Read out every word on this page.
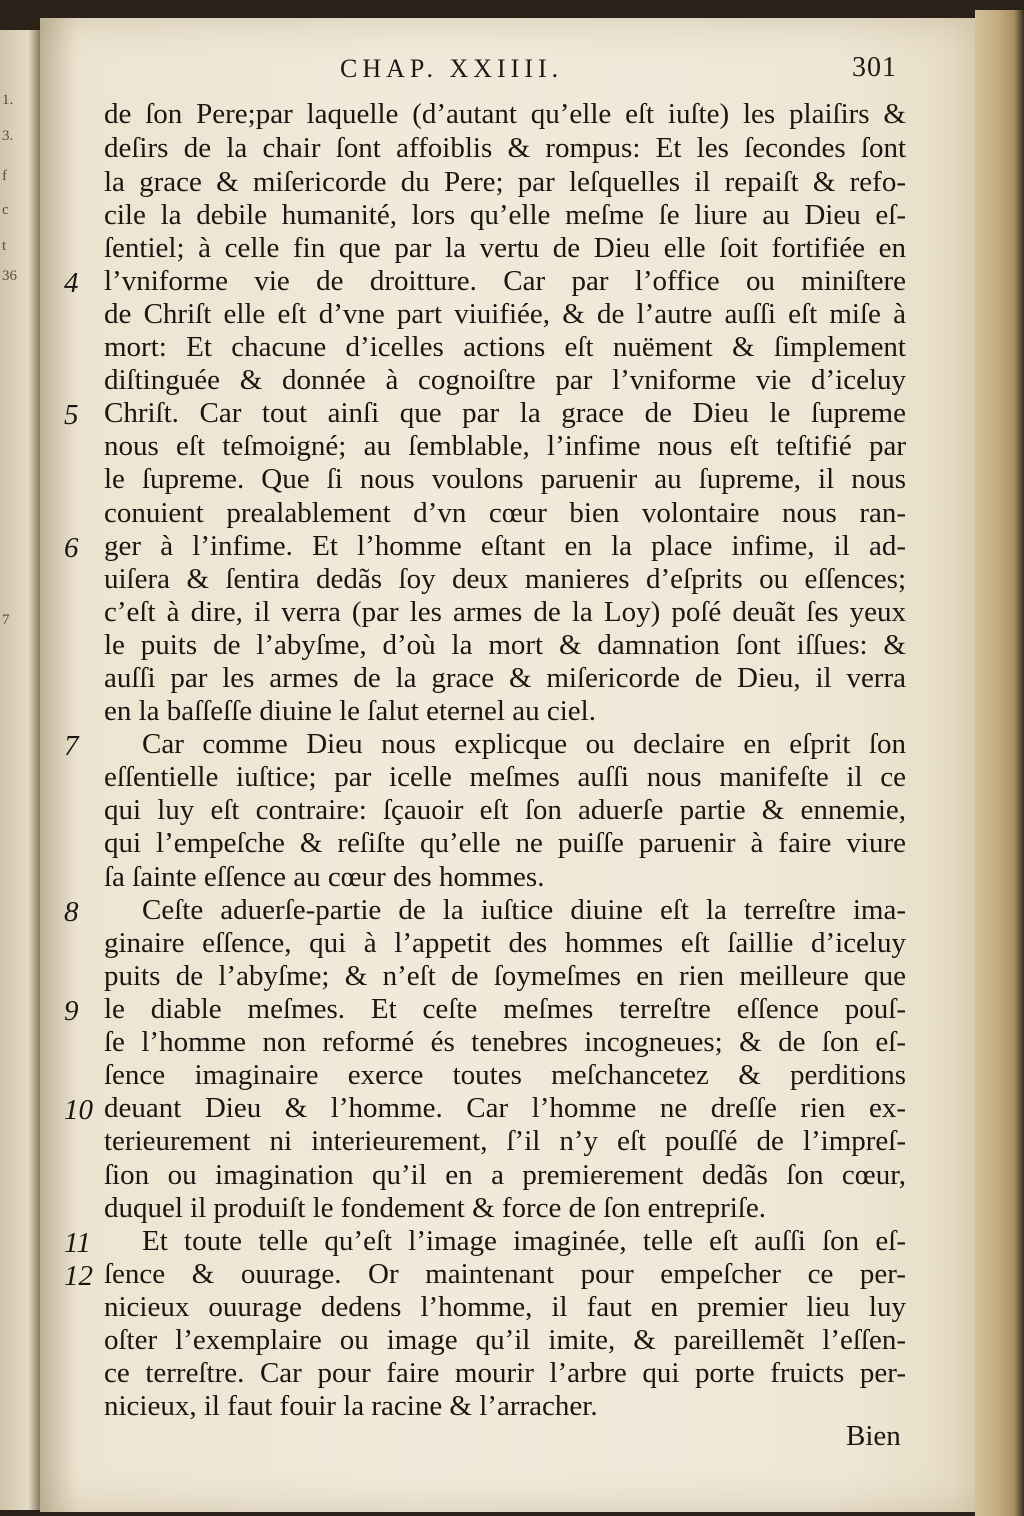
1.
3.
f
c
t
36
7
CHAP. XXIIII.	301

de ſon Pere;par laquelle (d’autant qu’elle eſt iuſte) les plaiſirs &

deſirs de la chair ſont affoiblis & rompus: Et les ſecondes ſont

la grace & miſericorde du Pere; par leſquelles il repaiſt & refo-

cile la debile humanité, lors qu’elle meſme ſe liure au Dieu eſ-

ſentiel; à celle fin que par la vertu de Dieu elle ſoit fortifiée en

l’vniforme vie de droitture. Car par l’office ou miniſtere

de Chriſt elle eſt d’vne part viuifiée, & de l’autre auſſi eſt miſe à

mort: Et chacune d’icelles actions eſt nuëment & ſimplement

diſtinguée & donnée à cognoiſtre par l’vniforme vie d’iceluy

Chriſt. Car tout ainſi que par la grace de Dieu le ſupreme

nous eſt teſmoigné; au ſemblable, l’infime nous eſt teſtifié par

le ſupreme. Que ſi nous voulons paruenir au ſupreme, il nous

conuient prealablement d’vn cœur bien volontaire nous ran-

ger à l’infime. Et l’homme eſtant en la place infime, il ad-

uiſera & ſentira dedãs ſoy deux manieres d’eſprits ou eſſences;

c’eſt à dire, il verra (par les armes de la Loy) poſé deuãt ſes yeux

le puits de l’abyſme, d’où la mort & damnation ſont iſſues: &

auſſi par les armes de la grace & miſericorde de Dieu, il verra

en la baſſeſſe diuine le ſalut eternel au ciel.

Car comme Dieu nous explicque ou declaire en eſprit ſon

eſſentielle iuſtice; par icelle meſmes auſſi nous manifeſte il ce

qui luy eſt contraire: ſçauoir eſt ſon aduerſe partie & ennemie,

qui l’empeſche & reſiſte qu’elle ne puiſſe paruenir à faire viure

ſa ſainte eſſence au cœur des hommes.

Ceſte aduerſe-partie de la iuſtice diuine eſt la terreſtre ima-

ginaire eſſence, qui à l’appetit des hommes eſt ſaillie d’iceluy

puits de l’abyſme; & n’eſt de ſoymeſmes en rien meilleure que

le diable meſmes. Et ceſte meſmes terreſtre eſſence pouſ-

ſe l’homme non reformé és tenebres incogneues; & de ſon eſ-

ſence imaginaire exerce toutes meſchancetez & perditions

deuant Dieu & l’homme. Car l’homme ne dreſſe rien ex-

terieurement ni interieurement, ſ’il n’y eſt pouſſé de l’impreſ-

ſion ou imagination qu’il en a premierement dedãs ſon cœur,

duquel il produiſt le fondement & force de ſon entrepriſe.

Et toute telle qu’eſt l’image imaginée, telle eſt auſſi ſon eſ-

ſence & ouurage. Or maintenant pour empeſcher ce per-

nicieux ouurage dedens l’homme, il faut en premier lieu luy

oſter l’exemplaire ou image qu’il imite, & pareillemẽt l’eſſen-

ce terreſtre. Car pour faire mourir l’arbre qui porte fruicts per-

nicieux, il faut fouir la racine & l’arracher.

4
5
6
7
8
9
10
11
12
Bien
